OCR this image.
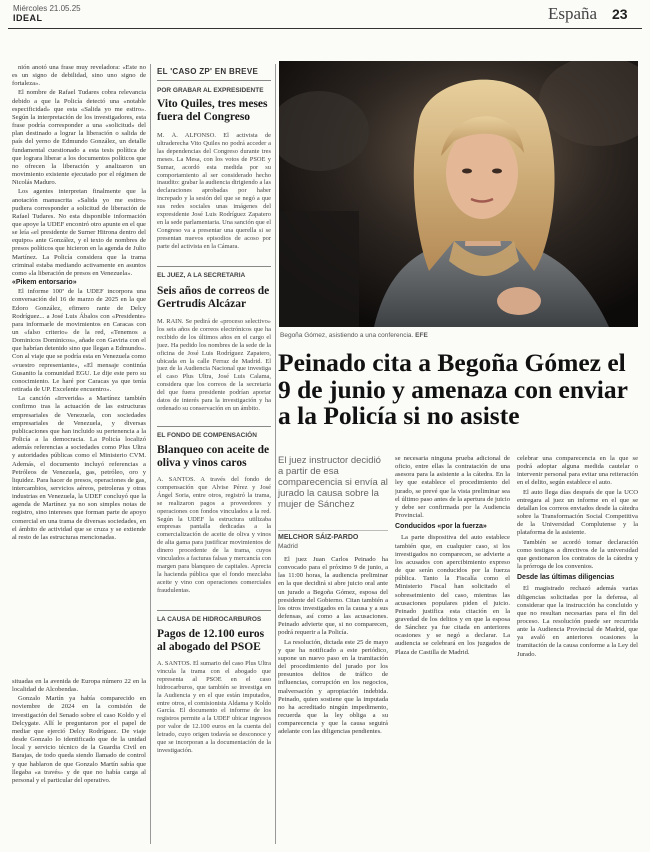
Miércoles 21.05.25
IDEAL	España 23

nión anotó una frase muy reveladora: «Este no es un signo de debilidad, sino uno signo de fortaleza».

El nombre de Rafael Tudares cobra relevancia debido a que la Policía detectó una «notable especificidad» que esta «Salida yo me estiro». Según la interpretación de los investigadores, esta frase podría corresponder a una «solicitud» del plan destinado a lograr la liberación o salida de país del yerno de Edmundo González, un detalle fundamental cuestionado a esta tesis política de que lograra liberar a los documentos políticos que no ofrecen la liberación y analizaron un movimiento existente ejecutado por el régimen de Nicolás Maduro.

Los agentes interpretan finalmente que la anotación manuscrita «Salida yo me estiro» pudiera corresponder a solicitud de liberación de Rafael Tudares. No esta disponible información que apoye la UDEF encontró otro apunte en el que se leía «el presidente de Surner Hitrona dentro del equipo» ante González, y el texto de nombres de presos políticos que hicieron en la agenda de Julio Martínez. La Policía considera que la trama criminal estaba mediando activamente en asuntos como «la liberación de presos en Venezuela».

«Pikem entorsario»

El informe 100ª de la UDEF incorpora una conversación del 16 de marzo de 2025 en la que Edoro González, efimero rante de Delcy Rodríguez... a José Luis Ábalos con «Presidente» para informarle de movimientos en Caracas con un «falso criterio» de la red, «Tenemos a Dominicos Dominicos», añade con Gaviria con el que habrían detenido sino que llegan a Edmundo». Con al viaje que se podría esta en Venezuela como «vuestro representante», «El mensaje continúa Gusanito la comunidad EGU. Le dije este pero su conocimiento. Le haré por Caracas ya que tenía retirada de UP. Excelente encuentro».

La canción «Irrverida» a Martínez también confirmo tras la actuación de las estructuras empresariales de Venezuela, con sociedades empresariales de Venezuela, y diversas publicaciones que han incluido su pertenencia a la Policía a la democracia. La Policía localizó además referencias a sociedades como Plus Ultra y autoridades públicas como el Ministerio CVM. Además, el documento incluyó referencias a Petróleos de Venezuela, gas, petróleo, oro y liquidez. Para hacer de presos, operaciones de gas, intercambios, servicios aéreos, petroleras y otras industrias en Venezuela, la UDEF concluyó que la agenda de Martínez ya no son simples notas de registro, sino intereses que forman parte de apoyo comercial en una trama de diversas sociedades, en el ámbito de actividad que se cruza y se extiende al resto de las estructuras mencionadas.

situadas en la avenida de Europa número 22 en la localidad de Alcobendas.

Gonzalo Martín ya había comparecido en noviembre de 2024 en la comisión de investigación del Senado sobre el caso Koldo y el Delcygate. Allí le preguntaron por el papel de mediar que ejerció Delcy Rodríguez. De viaje desde Gonzalo lo identificado que de la unidad local y servicio técnico de la Guardia Civil en Barajas, de todo queda siendo llamado de control y que hablaron de que Gonzalo Martín sabía que llegaba «a través» y de que no había carga al personal y el particular del operativo.

EL 'CASO ZP' EN BREVE
POR GRABAR AL EXPRESIDENTE
Vito Quiles, tres meses fuera del Congreso
M. Á. ALFONSO. El activista de ultraderecha Vito Quiles no podrá acceder a las dependencias del Congreso durante tres meses. La Mesa, con los votos de PSOE y Sumar, acordó esta medida por su comportamiento al ser considerado hecho inaudito: grabar la audiencia dirigiendo a las declaraciones aprobadas por haber increpado y la sesión del que se negó a que sus redes sociales unas imágenes del expresidente José Luis Rodríguez Zapatero en la sede parlamentaria. Una sanción que el Congreso va a presentar una querella si se presentan nuevos episodios de acoso por parte del activista en la Cámara.
EL JUEZ, A LA SECRETARIA
Seis años de correos de Gertrudis Alcázar
M. RAIN. Se pedirá de «proceso selectivo» los seis años de correos electrónicos que ha recibido de los últimos años en el cargo el juez. Ha pedido los nombres de la sede de la oficina de José Luis Rodríguez Zapatero, ubicada en la calle Ferraz de Madrid. El juez de la Audiencia Nacional que investiga el caso Plus Ultra, José Luis Calama, considera que los correos de la secretaria del que fuera presidente podrían aportar datos de interés para la investigación y ha ordenado su conservación en un ámbito.
EL FONDO DE COMPENSACIÓN
Blanqueo con aceite de oliva y vinos caros
A. SANTOS. A través del fondo de compensación que Alvise Pérez y José Ángel Soria, entre otros, registró la trama, se realizaron pagos a proveedores y operaciones con fondos vinculados a la red. Según la UDEF la estructura utilizaba empresas pantalla dedicadas a la comercialización de aceite de oliva y vinos de alta gama para justificar movimientos de dinero procedente de la trama, cuyos vinculados a facturas falsas y mercancía con margen para blanqueo de capitales. Aprecia la hacienda pública que el fondo mezclaba aceite y vino con operaciones comerciales fraudulentas.
LA CAUSA DE HIDROCARBUROS
Pagos de 12.100 euros al abogado del PSOE
A. SANTOS. El sumario del caso Plus Ultra vincula la trama con el abogado que representa al PSOE en el caso hidrocarburos, que también se investiga en la Audiencia y en el que están imputados, entre otros, el comisionista Aldama y Koldo García. El documento el informe de los registros permite a la UDEF ubicar ingresos por valor de 12.100 euros en la cuenta del letrado, cuyo origen todavía se desconoce y que se incorporan a la documentación de la investigación.
Begoña Gómez, asistiendo a una conferencia. EFE
Peinado cita a Begoña Gómez el 9 de junio y amenaza con enviar a la Policía si no asiste
El juez instructor decidió a partir de esa comparecencia si envía al jurado la causa sobre la mujer de Sánchez
MELCHOR SÁIZ-PARDO
Madrid

El juez Juan Carlos Peinado ha convocado para el próximo 9 de junio, a las 11:00 horas, la audiencia preliminar en la que decidirá si abre juicio oral ante un jurado a Begoña Gómez, esposa del presidente del Gobierno. Citan también a los otros investigados en la causa y a sus defensas, así como a las acusaciones. Peinado advierte que, si no comparecen, podrá requerir a la Policía.

La resolución, dictada este 25 de mayo y que ha notificado a este periódico, supone un nuevo paso en la tramitación del procedimiento del jurado por los presuntos delitos de tráfico de influencias, corrupción en los negocios, malversación y apropiación indebida. Peinado, quien sostiene que la imputada no ha acreditado ningún impedimento, recuerda que la ley obliga a su comparecencia y que la causa seguirá adelante con las diligencias pendientes.

se necesaria ninguna prueba adicional de oficio, entre ellas la contratación de una asesora para la asistente a la cátedra. En la ley que establece el procedimiento del jurado, se prevé que la vista preliminar sea el último paso antes de la apertura de juicio y debe ser confirmada por la Audiencia Provincial.

Conducidos «por la fuerza»

La parte dispositiva del auto establece también que, en cualquier caso, si los investigados no comparecen, se advierte a los acusados con apercibimiento expreso de que serán conducidos por la fuerza pública. Tanto la Fiscalía como el Ministerio Fiscal han solicitado el sobreseimiento del caso, mientras las acusaciones populares piden el juicio. Peinado justifica esta citación en la gravedad de los delitos y en que la esposa de Sánchez ya fue citada en anteriores ocasiones y se negó a declarar. La audiencia se celebrará en los juzgados de Plaza de Castilla de Madrid.

celebrar una comparecencia en la que se podrá adoptar alguna medida cautelar o intervenir personal para evitar una reiteración en el delito, según establece el auto.

El auto llega días después de que la UCO entregara al juez un informe en el que se detallan los correos enviados desde la cátedra sobre la Transformación Social Competitiva de la Universidad Complutense y la plataforma de la asistente.

También se acordó tomar declaración como testigos a directivos de la universidad que gestionaron los contratos de la cátedra y la prórroga de los convenios.

Desde las últimas diligencias

El magistrado rechazó además varias diligencias solicitadas por la defensa, al considerar que la instrucción ha concluido y que no resultan necesarias para el fin del proceso. La resolución puede ser recurrida ante la Audiencia Provincial de Madrid, que ya avaló en anteriores ocasiones la tramitación de la causa conforme a la Ley del Jurado.
